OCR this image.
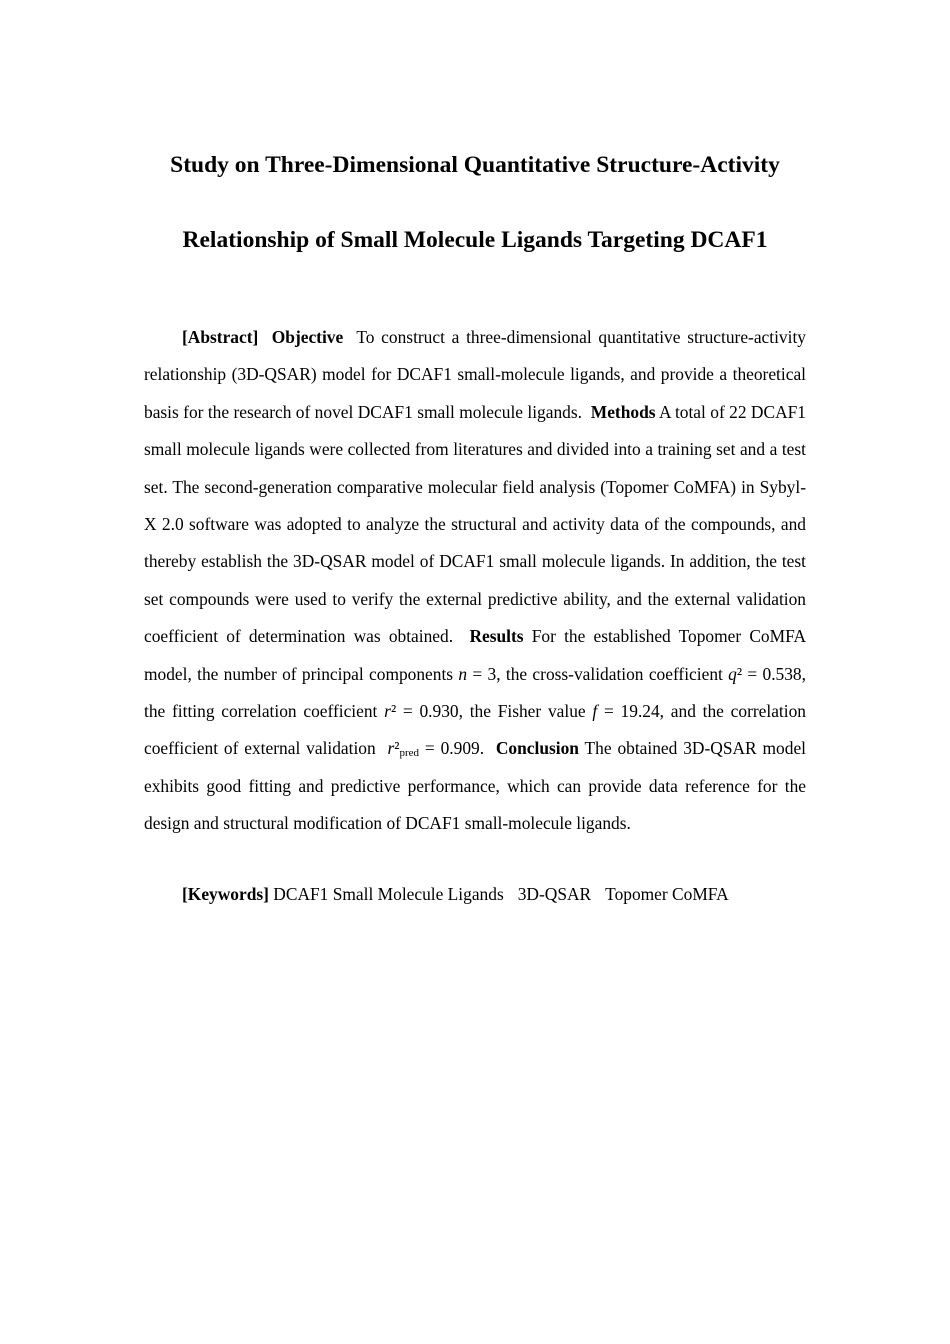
Study on Three-Dimensional Quantitative Structure-Activity
Relationship of Small Molecule Ligands Targeting DCAF1

[Abstract] Objective To construct a three-dimensional quantitative structure-activity relationship (3D-QSAR) model for DCAF1 small-molecule ligands, and provide a theoretical basis for the research of novel DCAF1 small molecule ligands. Methods A total of 22 DCAF1 small molecule ligands were collected from literatures and divided into a training set and a test set. The second-generation comparative molecular field analysis (Topomer CoMFA) in Sybyl-X 2.0 software was adopted to analyze the structural and activity data of the compounds, and thereby establish the 3D-QSAR model of DCAF1 small molecule ligands. In addition, the test set compounds were used to verify the external predictive ability, and the external validation coefficient of determination was obtained. Results For the established Topomer CoMFA model, the number of principal components n = 3, the cross-validation coefficient q² = 0.538, the fitting correlation coefficient r² = 0.930, the Fisher value f = 19.24, and the correlation coefficient of external validation r²pred = 0.909. Conclusion The obtained 3D-QSAR model exhibits good fitting and predictive performance, which can provide data reference for the design and structural modification of DCAF1 small-molecule ligands.

[Keywords] DCAF1 Small Molecule Ligands 3D-QSAR Topomer CoMFA
